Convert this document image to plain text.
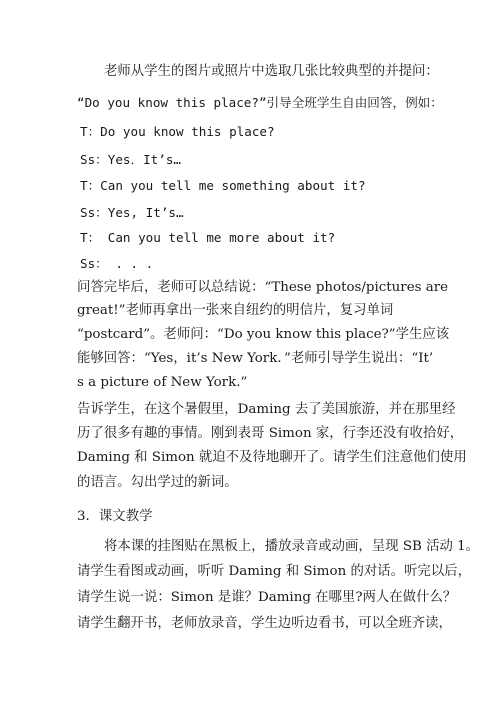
老师从学生的图片或照片中选取几张比较典型的并提问：
“Do you know this place?”引导全班学生自由回答，例如：
T：Do you know this place?
Ss：Yes．It’s…
T：Can you tell me something about it?
Ss：Yes, It’s…
T： Can you tell me more about it?
Ss： . . .
问答完毕后，老师可以总结说：“These photos/pictures are
great!”老师再拿出一张来自纽约的明信片，复习单词
“postcard”。老师问：“Do you know this place?”学生应该
能够回答：“Yes，it’s New York．”老师引导学生说出：“It’
s a picture of New York.”
告诉学生，在这个暑假里，Daming 去了美国旅游，并在那里经
历了很多有趣的事情。刚到表哥 Simon 家，行李还没有收拾好，
Daming 和 Simon 就迫不及待地聊开了。请学生们注意他们使用
的语言。勾出学过的新词。
3．课文教学
将本课的挂图贴在黑板上，播放录音或动画，呈现 SB 活动 1。
请学生看图或动画，听听 Daming 和 Simon 的对话。听完以后，
请学生说一说：Simon 是谁？Daming 在哪里?两人在做什么？
请学生翻开书，老师放录音，学生边听边看书，可以全班齐读，
